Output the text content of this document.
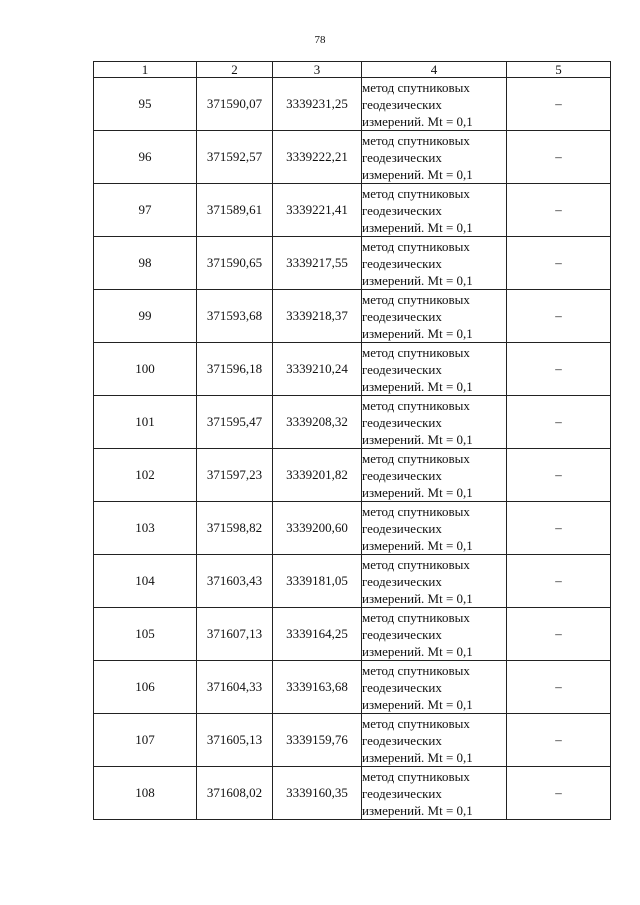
78
1	2	3	4	5
95	371590,07	3339231,25	метод спутниковых
геодезических
измерений. Mt = 0,1	–
96	371592,57	3339222,21	метод спутниковых
геодезических
измерений. Mt = 0,1	–
97	371589,61	3339221,41	метод спутниковых
геодезических
измерений. Mt = 0,1	–
98	371590,65	3339217,55	метод спутниковых
геодезических
измерений. Mt = 0,1	–
99	371593,68	3339218,37	метод спутниковых
геодезических
измерений. Mt = 0,1	–
100	371596,18	3339210,24	метод спутниковых
геодезических
измерений. Mt = 0,1	–
101	371595,47	3339208,32	метод спутниковых
геодезических
измерений. Mt = 0,1	–
102	371597,23	3339201,82	метод спутниковых
геодезических
измерений. Mt = 0,1	–
103	371598,82	3339200,60	метод спутниковых
геодезических
измерений. Mt = 0,1	–
104	371603,43	3339181,05	метод спутниковых
геодезических
измерений. Mt = 0,1	–
105	371607,13	3339164,25	метод спутниковых
геодезических
измерений. Mt = 0,1	–
106	371604,33	3339163,68	метод спутниковых
геодезических
измерений. Mt = 0,1	–
107	371605,13	3339159,76	метод спутниковых
геодезических
измерений. Mt = 0,1	–
108	371608,02	3339160,35	метод спутниковых
геодезических
измерений. Mt = 0,1	–
